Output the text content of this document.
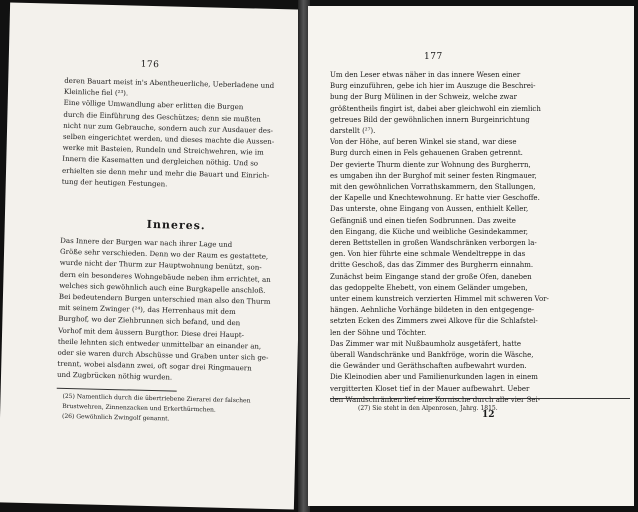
176
deren Bauart meist in's Abentheuerliche, Ueberladene und
Kleinliche fiel (²³).
Eine völlige Umwandlung aber erlitten die Burgen
durch die Einführung des Geschützes; denn sie mußten
nicht nur zum Gebrauche, sondern auch zur Ausdauer des-
selben eingerichtet werden, und dieses machte die Aussen-
werke mit Basteien, Rundeln und Streichwehren, wie im
Innern die Kasematten und dergleichen nöthig. Und so
erhielten sie denn mehr und mehr die Bauart und Einrich-
tung der heutigen Festungen.
Inneres.
Das Innere der Burgen war nach ihrer Lage und
Größe sehr verschieden. Denn wo der Raum es gestattete,
wurde nicht der Thurm zur Hauptwohnung benützt, son-
dern ein besonderes Wohngebäude neben ihm errichtet, an
welches sich gewöhnlich auch eine Burgkapelle anschloß.
Bei bedeutendern Burgen unterschied man also den Thurm
mit seinem Zwinger (²⁴), das Herrenhaus mit dem
Burghof, wo der Ziehbrunnen sich befand, und den
Vorhof mit dem äussern Burgthor. Diese drei Haupt-
theile lehnten sich entweder unmittelbar an einander an,
oder sie waren durch Abschüsse und Graben unter sich ge-
trennt, wobei alsdann zwei, oft sogar drei Ringmauern
und Zugbrücken nöthig wurden.
(25) Namentlich durch die übertriebene Zierarei der falschen
Brustwehren, Zinnenzacken und Erkerthürmchen.
(26) Gewöhnlich Zwingolf genannt.
177
Um den Leser etwas näher in das innere Wesen einer
Burg einzuführen, gebe ich hier im Auszuge die Beschrei-
bung der Burg Mülinen in der Schweiz, welche zwar
größtentheils fingirt ist, dabei aber gleichwohl ein ziemlich
getreues Bild der gewöhnlichen innern Burgeinrichtung
darstellt (²⁷).
Von der Höhe, auf beren Winkel sie stand, war diese
Burg durch einen in Fels gehauenen Graben getrennt.
Der gevierte Thurm diente zur Wohnung des Burgherrn,
es umgaben ihn der Burghof mit seiner festen Ringmauer,
mit den gewöhnlichen Vorrathskammern, den Stallungen,
der Kapelle und Knechtewohnung. Er hatte vier Geschoffe.
Das unterste, ohne Eingang von Aussen, enthielt Keller,
Gefängniß und einen tiefen Sodbrunnen. Das zweite
den Eingang, die Küche und weibliche Gesindekammer,
deren Bettstellen in großen Wandschränken verborgen la-
gen. Von hier führte eine schmale Wendeltreppe in das
dritte Geschoß, das das Zimmer des Burgherrn einnahm.
Zunächst beim Eingange stand der große Ofen, daneben
das gedoppelte Ehebett, von einem Geländer umgeben,
unter einem kunstreich verzierten Himmel mit schweren Vor-
hängen. Aehnliche Vorhänge bildeten in den entgegenge-
setzten Ecken des Zimmers zwei Alkove für die Schlafstel-
len der Söhne und Töchter.
Das Zimmer war mit Nußbaumholz ausgetäfert, hatte
überall Wandschränke und Bankfröge, worin die Wäsche,
die Gewänder und Geräthschaften aufbewahrt wurden.
Die Kleinodien aber und Familienurkunden lagen in einem
vergitterten Kloset tief in der Mauer aufbewahrt. Ueber
den Wandschränken lief eine Kornische durch alle vier Sei-
(27) Sie steht in den Alpenrosen, Jahrg. 1815.
12
